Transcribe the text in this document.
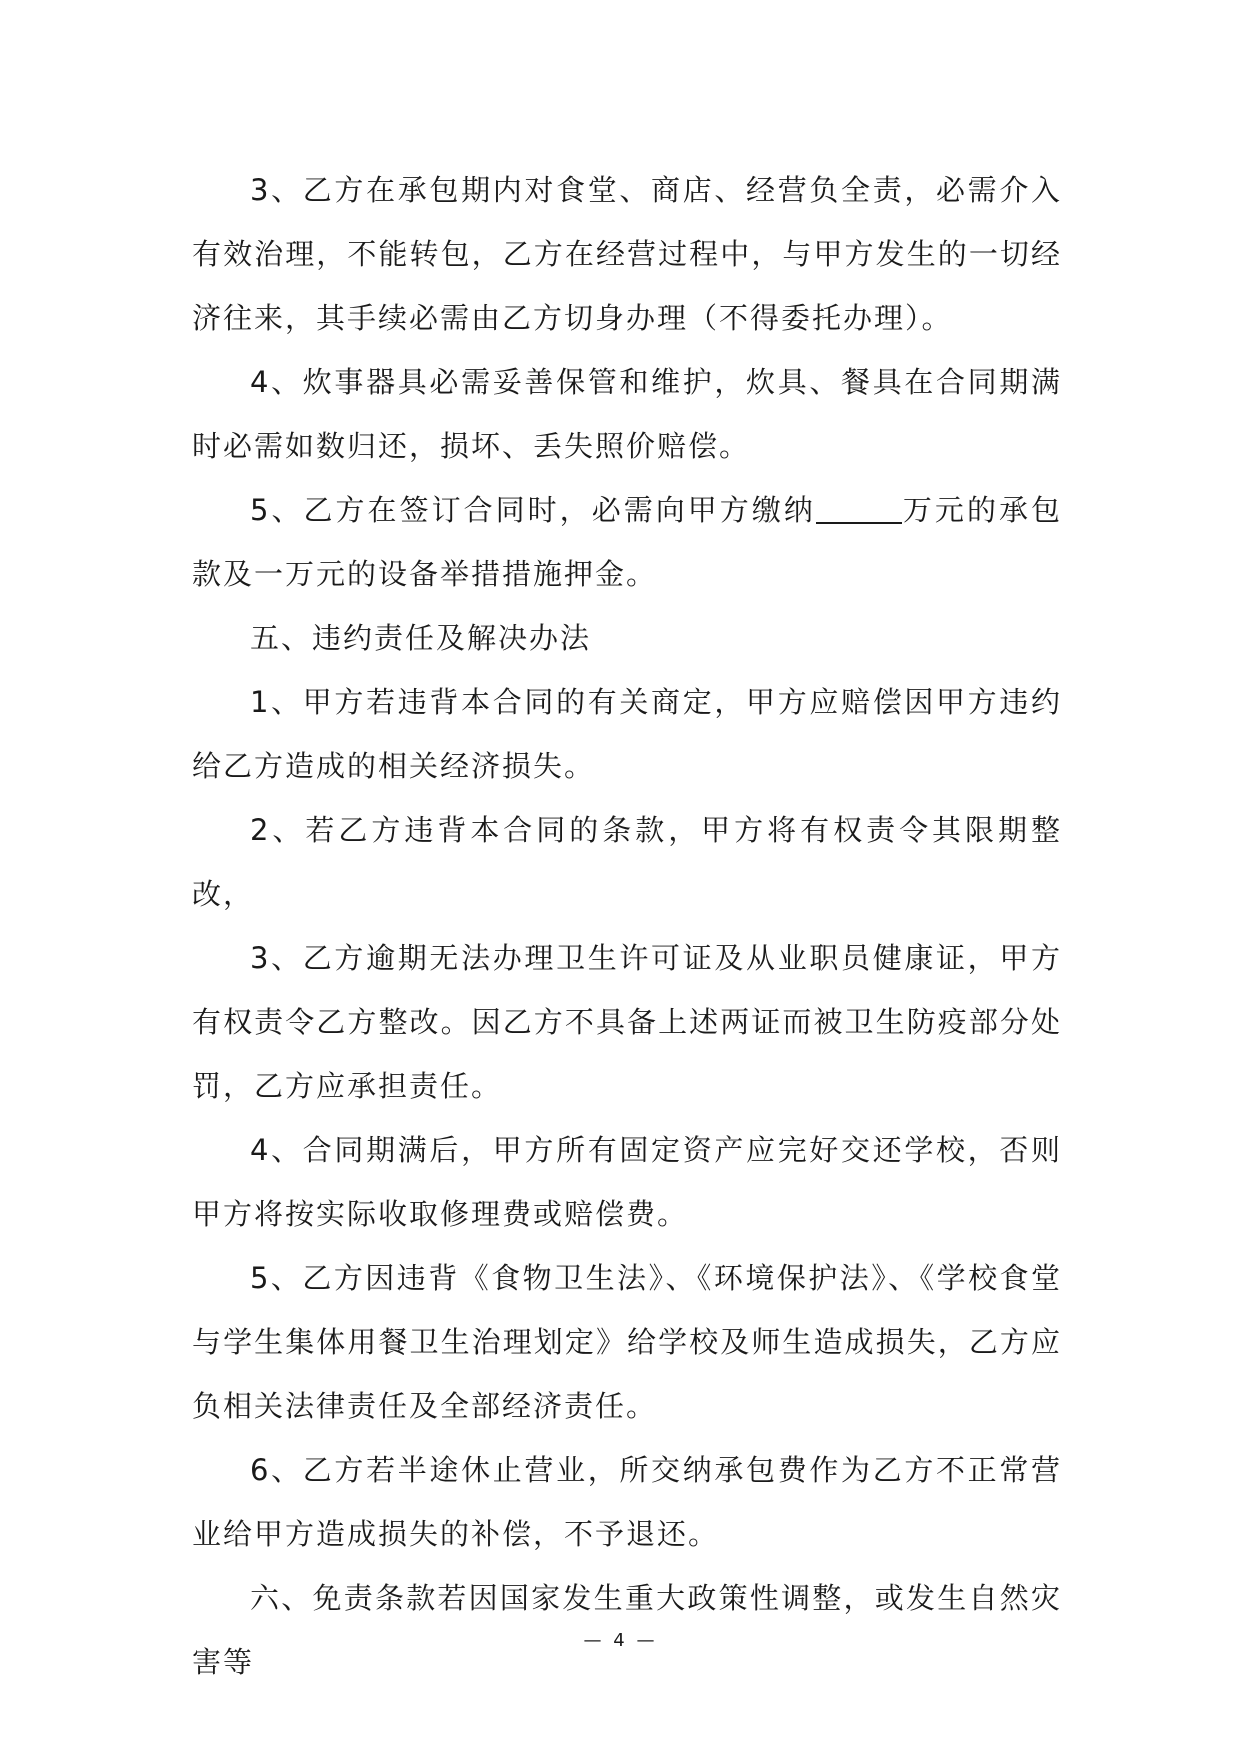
3、乙方在承包期内对食堂、商店、经营负全责，必需介入有效治理，不能转包，乙方在经营过程中，与甲方发生的一切经济往来，其手续必需由乙方切身办理（不得委托办理）。

4、炊事器具必需妥善保管和维护，炊具、餐具在合同期满时必需如数归还，损坏、丢失照价赔偿。

5、乙方在签订合同时，必需向甲方缴纳	万元的承包款及一万元的设备举措措施押金。

五、违约责任及解决办法

1、甲方若违背本合同的有关商定，甲方应赔偿因甲方违约给乙方造成的相关经济损失。

2、若乙方违背本合同的条款，甲方将有权责令其限期整改，

3、乙方逾期无法办理卫生许可证及从业职员健康证，甲方有权责令乙方整改。因乙方不具备上述两证而被卫生防疫部分处罚，乙方应承担责任。

4、合同期满后，甲方所有固定资产应完好交还学校，否则甲方将按实际收取修理费或赔偿费。

5、乙方因违背《食物卫生法》、《环境保护法》、《学校食堂与学生集体用餐卫生治理划定》给学校及师生造成损失，乙方应负相关法律责任及全部经济责任。

6、乙方若半途休止营业，所交纳承包费作为乙方不正常营业给甲方造成损失的补偿，不予退还。

六、免责条款若因国家发生重大政策性调整，或发生自然灾害等

— 4 —
